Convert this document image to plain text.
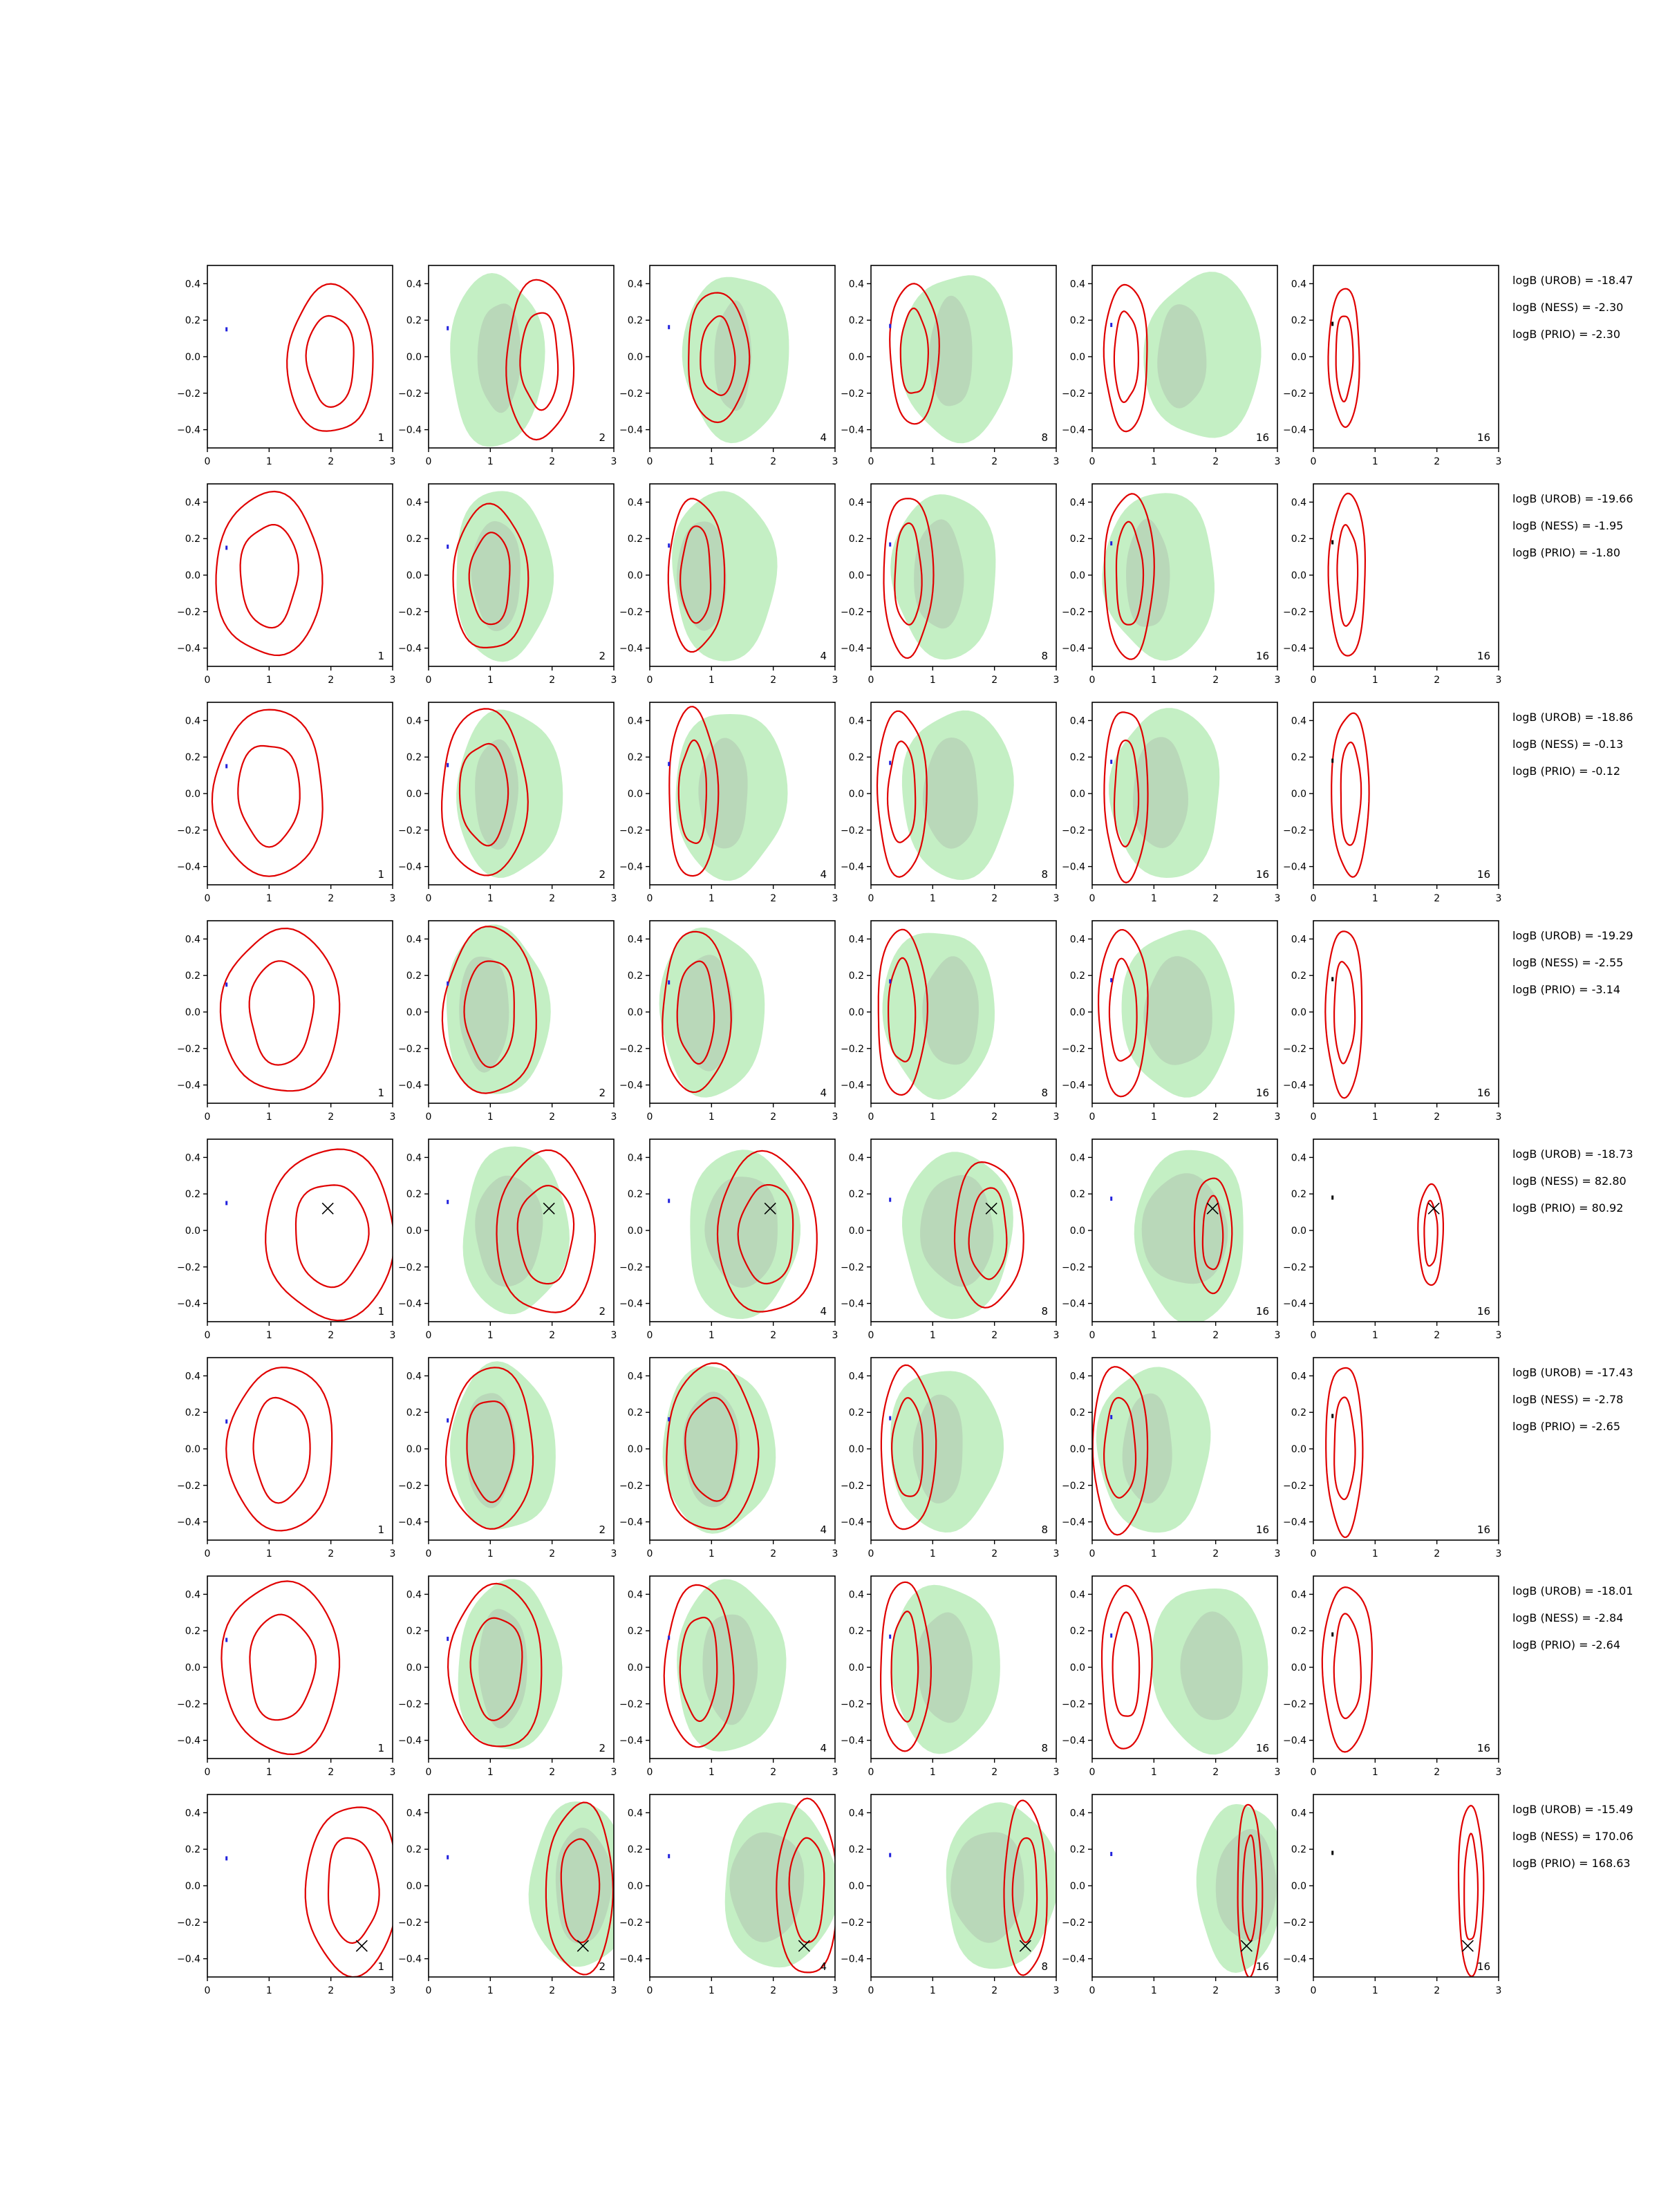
0	1	2	3
0.4
0.2
0.0
−0.2
−0.4
1
0	1	2	3
0.4
0.2
0.0
−0.2
−0.4
2
0	1	2	3
0.4
0.2
0.0
−0.2
−0.4
4
0	1	2	3
0.4
0.2
0.0
−0.2
−0.4
8
0	1	2	3
0.4
0.2
0.0
−0.2
−0.4
16
0	1	2	3
0.4
0.2
0.0
−0.2
−0.4
16
logB (UROB) = -18.47
logB (NESS) = -2.30
logB (PRIO) = -2.30
0	1	2	3
0.4
0.2
0.0
−0.2
−0.4
1
0	1	2	3
0.4
0.2
0.0
−0.2
−0.4
2
0	1	2	3
0.4
0.2
0.0
−0.2
−0.4
4
0	1	2	3
0.4
0.2
0.0
−0.2
−0.4
8
0	1	2	3
0.4
0.2
0.0
−0.2
−0.4
16
0	1	2	3
0.4
0.2
0.0
−0.2
−0.4
16
logB (UROB) = -19.66
logB (NESS) = -1.95
logB (PRIO) = -1.80
0	1	2	3
0.4
0.2
0.0
−0.2
−0.4
1
0	1	2	3
0.4
0.2
0.0
−0.2
−0.4
2
0	1	2	3
0.4
0.2
0.0
−0.2
−0.4
4
0	1	2	3
0.4
0.2
0.0
−0.2
−0.4
8
0	1	2	3
0.4
0.2
0.0
−0.2
−0.4
16
0	1	2	3
0.4
0.2
0.0
−0.2
−0.4
16
logB (UROB) = -18.86
logB (NESS) = -0.13
logB (PRIO) = -0.12
0	1	2	3
0.4
0.2
0.0
−0.2
−0.4
1
0	1	2	3
0.4
0.2
0.0
−0.2
−0.4
2
0	1	2	3
0.4
0.2
0.0
−0.2
−0.4
4
0	1	2	3
0.4
0.2
0.0
−0.2
−0.4
8
0	1	2	3
0.4
0.2
0.0
−0.2
−0.4
16
0	1	2	3
0.4
0.2
0.0
−0.2
−0.4
16
logB (UROB) = -19.29
logB (NESS) = -2.55
logB (PRIO) = -3.14
0	1	2	3
0.4
0.2
0.0
−0.2
−0.4
1
0	1	2	3
0.4
0.2
0.0
−0.2
−0.4
2
0	1	2	3
0.4
0.2
0.0
−0.2
−0.4
4
0	1	2	3
0.4
0.2
0.0
−0.2
−0.4
8
0	1	2	3
0.4
0.2
0.0
−0.2
−0.4
16
0	1	2	3
0.4
0.2
0.0
−0.2
−0.4
16
logB (UROB) = -18.73
logB (NESS) = 82.80
logB (PRIO) = 80.92
0	1	2	3
0.4
0.2
0.0
−0.2
−0.4
1
0	1	2	3
0.4
0.2
0.0
−0.2
−0.4
2
0	1	2	3
0.4
0.2
0.0
−0.2
−0.4
4
0	1	2	3
0.4
0.2
0.0
−0.2
−0.4
8
0	1	2	3
0.4
0.2
0.0
−0.2
−0.4
16
0	1	2	3
0.4
0.2
0.0
−0.2
−0.4
16
logB (UROB) = -17.43
logB (NESS) = -2.78
logB (PRIO) = -2.65
0	1	2	3
0.4
0.2
0.0
−0.2
−0.4
1
0	1	2	3
0.4
0.2
0.0
−0.2
−0.4
2
0	1	2	3
0.4
0.2
0.0
−0.2
−0.4
4
0	1	2	3
0.4
0.2
0.0
−0.2
−0.4
8
0	1	2	3
0.4
0.2
0.0
−0.2
−0.4
16
0	1	2	3
0.4
0.2
0.0
−0.2
−0.4
16
logB (UROB) = -18.01
logB (NESS) = -2.84
logB (PRIO) = -2.64
0	1	2	3
0.4
0.2
0.0
−0.2
−0.4
1
0	1	2	3
0.4
0.2
0.0
−0.2
−0.4
2
0	1	2	3
0.4
0.2
0.0
−0.2
−0.4
4
0	1	2	3
0.4
0.2
0.0
−0.2
−0.4
8
0	1	2	3
0.4
0.2
0.0
−0.2
−0.4
16
0	1	2	3
0.4
0.2
0.0
−0.2
−0.4
16
logB (UROB) = -15.49
logB (NESS) = 170.06
logB (PRIO) = 168.63
